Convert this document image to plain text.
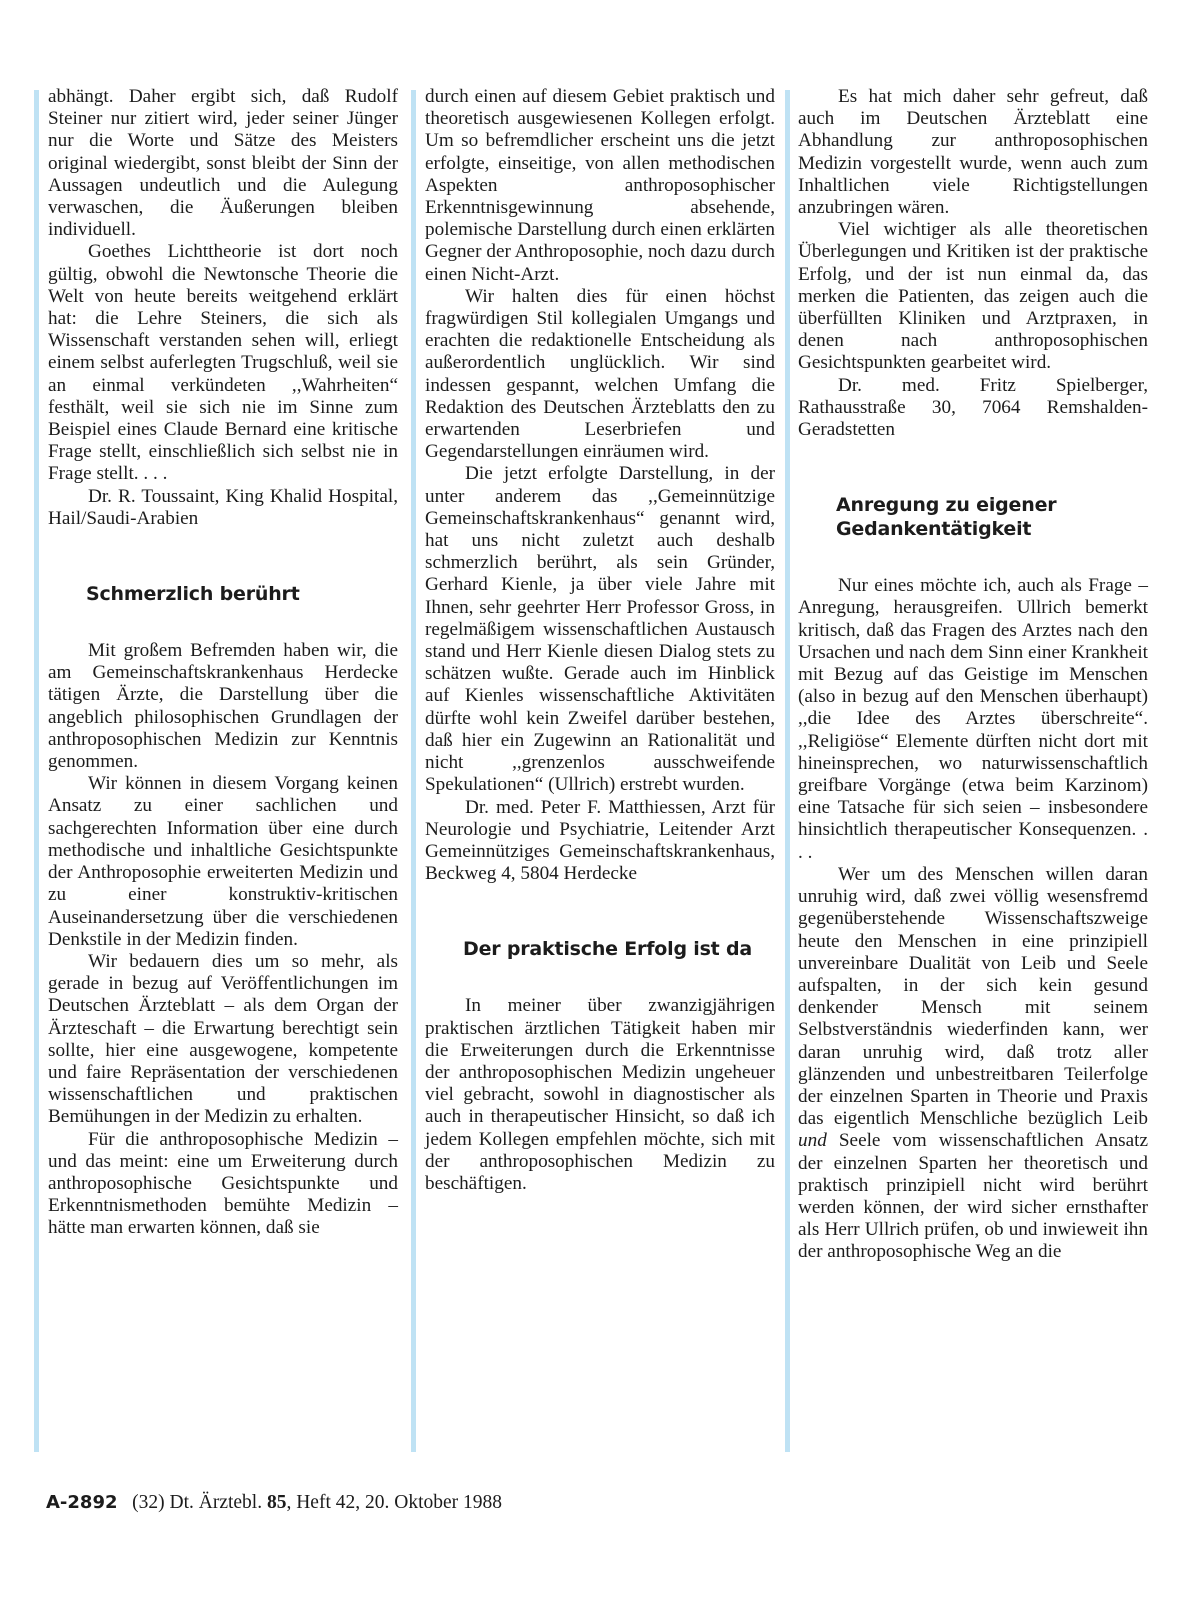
abhängt. Daher ergibt sich, daß Rudolf Steiner nur zitiert wird, jeder seiner Jünger nur die Worte und Sätze des Meisters original wiedergibt, sonst bleibt der Sinn der Aussagen undeutlich und die Aulegung verwaschen, die Äußerungen bleiben individuell.

Goethes Lichttheorie ist dort noch gültig, obwohl die Newtonsche Theorie die Welt von heute bereits weitgehend erklärt hat: die Lehre Steiners, die sich als Wissenschaft verstanden sehen will, erliegt einem selbst auferlegten Trugschluß, weil sie an einmal verkündeten ,,Wahrheiten“ festhält, weil sie sich nie im Sinne zum Beispiel eines Claude Bernard eine kritische Frage stellt, einschließlich sich selbst nie in Frage stellt. . . .

Dr. R. Toussaint, King Khalid Hospital, Hail/Saudi-Arabien

Schmerzlich berührt

Mit großem Befremden haben wir, die am Gemeinschaftskrankenhaus Herdecke tätigen Ärzte, die Darstellung über die angeblich philosophischen Grundlagen der anthroposophischen Medizin zur Kenntnis genommen.

Wir können in diesem Vorgang keinen Ansatz zu einer sachlichen und sachgerechten Information über eine durch methodische und inhaltliche Gesichtspunkte der Anthroposophie erweiterten Medizin und zu einer konstruktiv-kritischen Auseinandersetzung über die verschiedenen Denkstile in der Medizin finden.

Wir bedauern dies um so mehr, als gerade in bezug auf Veröffentlichungen im Deutschen Ärzteblatt – als dem Organ der Ärzteschaft – die Erwartung berechtigt sein sollte, hier eine ausgewogene, kompetente und faire Repräsentation der verschiedenen wissenschaftlichen und praktischen Bemühungen in der Medizin zu erhalten.

Für die anthroposophische Medizin – und das meint: eine um Erweiterung durch anthroposophische Gesichtspunkte und Erkenntnismethoden bemühte Medizin – hätte man erwarten können, daß sie

durch einen auf diesem Gebiet praktisch und theoretisch ausgewiesenen Kollegen erfolgt. Um so befremdlicher erscheint uns die jetzt erfolgte, einseitige, von allen methodischen Aspekten anthroposophischer Erkenntnisgewinnung absehende, polemische Darstellung durch einen erklärten Gegner der Anthroposophie, noch dazu durch einen Nicht-Arzt.

Wir halten dies für einen höchst fragwürdigen Stil kollegialen Umgangs und erachten die redaktionelle Entscheidung als außerordentlich unglücklich. Wir sind indessen gespannt, welchen Umfang die Redaktion des Deutschen Ärzteblatts den zu erwartenden Leserbriefen und Gegendarstellungen einräumen wird.

Die jetzt erfolgte Darstellung, in der unter anderem das ,,Gemeinnützige Gemeinschaftskrankenhaus“ genannt wird, hat uns nicht zuletzt auch deshalb schmerzlich berührt, als sein Gründer, Gerhard Kienle, ja über viele Jahre mit Ihnen, sehr geehrter Herr Professor Gross, in regelmäßigem wissenschaftlichen Austausch stand und Herr Kienle diesen Dialog stets zu schätzen wußte. Gerade auch im Hinblick auf Kienles wissenschaftliche Aktivitäten dürfte wohl kein Zweifel darüber bestehen, daß hier ein Zugewinn an Rationalität und nicht ,,grenzenlos ausschweifende Spekulationen“ (Ullrich) erstrebt wurden.

Dr. med. Peter F. Matthiessen, Arzt für Neurologie und Psychiatrie, Leitender Arzt Gemeinnütziges Gemeinschaftskrankenhaus, Beckweg 4, 5804 Herdecke

Der praktische Erfolg ist da

In meiner über zwanzigjährigen praktischen ärztlichen Tätigkeit haben mir die Erweiterungen durch die Erkenntnisse der anthroposophischen Medizin ungeheuer viel gebracht, sowohl in diagnostischer als auch in therapeutischer Hinsicht, so daß ich jedem Kollegen empfehlen möchte, sich mit der anthroposophischen Medizin zu beschäftigen.

Es hat mich daher sehr gefreut, daß auch im Deutschen Ärzteblatt eine Abhandlung zur anthroposophischen Medizin vorgestellt wurde, wenn auch zum Inhaltlichen viele Richtigstellungen anzubringen wären.

Viel wichtiger als alle theoretischen Überlegungen und Kritiken ist der praktische Erfolg, und der ist nun einmal da, das merken die Patienten, das zeigen auch die überfüllten Kliniken und Arztpraxen, in denen nach anthroposophischen Gesichtspunkten gearbeitet wird.

Dr. med. Fritz Spielberger, Rathausstraße 30, 7064 Remshalden-Geradstetten

Anregung zu eigener Gedankentätigkeit

Nur eines möchte ich, auch als Frage – Anregung, herausgreifen. Ullrich bemerkt kritisch, daß das Fragen des Arztes nach den Ursachen und nach dem Sinn einer Krankheit mit Bezug auf das Geistige im Menschen (also in bezug auf den Menschen überhaupt) ,,die Idee des Arztes überschreite“. ,,Religiöse“ Elemente dürften nicht dort mit hineinsprechen, wo naturwissenschaftlich greifbare Vorgänge (etwa beim Karzinom) eine Tatsache für sich seien – insbesondere hinsichtlich therapeutischer Konsequenzen. . . .

Wer um des Menschen willen daran unruhig wird, daß zwei völlig wesensfremd gegenüberstehende Wissenschaftszweige heute den Menschen in eine prinzipiell unvereinbare Dualität von Leib und Seele aufspalten, in der sich kein gesund denkender Mensch mit seinem Selbstverständnis wiederfinden kann, wer daran unruhig wird, daß trotz aller glänzenden und unbestreitbaren Teilerfolge der einzelnen Sparten in Theorie und Praxis das eigentlich Menschliche bezüglich Leib und Seele vom wissenschaftlichen Ansatz der einzelnen Sparten her theoretisch und praktisch prinzipiell nicht wird berührt werden können, der wird sicher ernsthafter als Herr Ullrich prüfen, ob und inwieweit ihn der anthroposophische Weg an die

A-2892 (32) Dt. Ärztebl. 85, Heft 42, 20. Oktober 1988
